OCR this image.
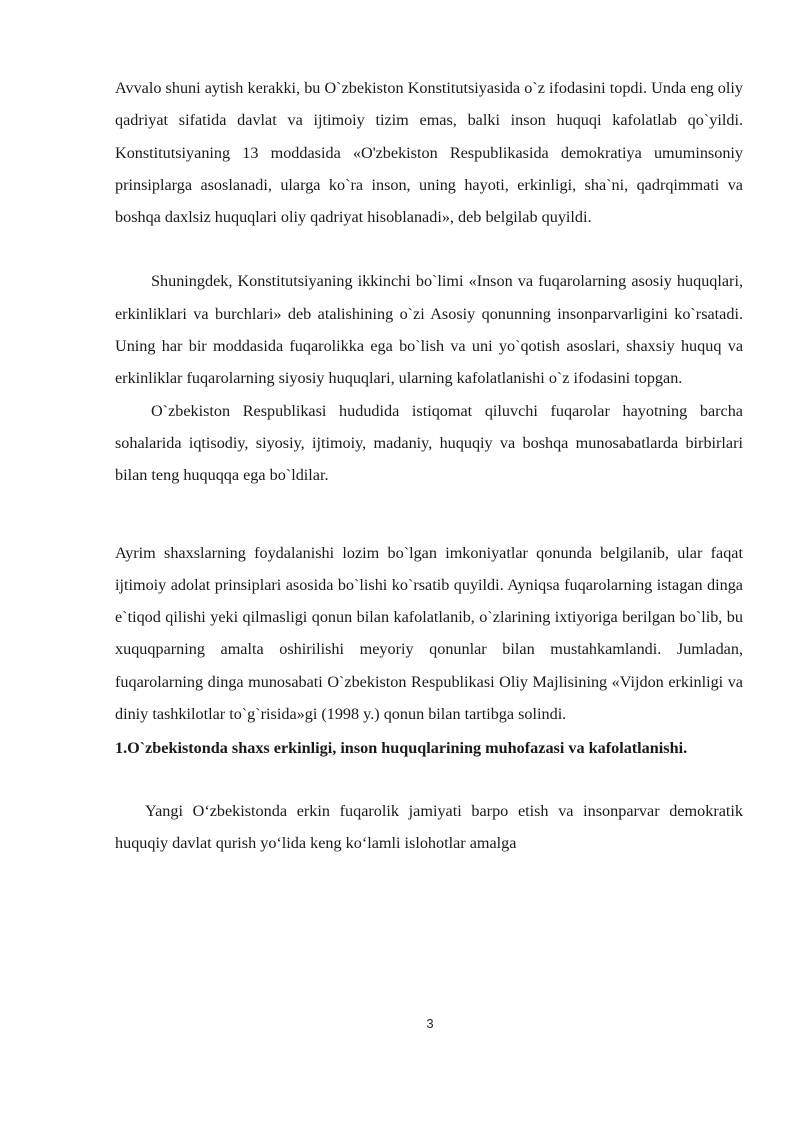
Avvalo shuni aytish kerakki, bu O`zbekiston Konstitutsiyasida o`z ifodasini topdi. Unda eng oliy qadriyat sifatida davlat va ijtimoiy tizim emas, balki inson huquqi kafolatlab qo`yildi. Konstitutsiyaning 13 moddasida «O'zbekiston Respublikasida demokratiya umuminsoniy prinsiplarga asoslanadi, ularga ko`ra inson, uning hayoti, erkinligi, sha`ni, qadrqimmati va boshqa daxlsiz huquqlari oliy qadriyat hisoblanadi», deb belgilab quyildi.

Shuningdek, Konstitutsiyaning ikkinchi bo`limi «Inson va fuqarolarning asosiy huquqlari, erkinliklari va burchlari» deb atalishining o`zi Asosiy qonunning insonparvarligini ko`rsatadi. Uning har bir moddasida fuqarolikka ega bo`lish va uni yo`qotish asoslari, shaxsiy huquq va erkinliklar fuqarolarning siyosiy huquqlari, ularning kafolatlanishi o`z ifodasini topgan.

O`zbekiston Respublikasi hududida istiqomat qiluvchi fuqarolar hayotning barcha sohalarida iqtisodiy, siyosiy, ijtimoiy, madaniy, huquqiy va boshqa munosabatlarda birbirlari bilan teng huquqqa ega bo`ldilar.

Ayrim shaxslarning foydalanishi lozim bo`lgan imkoniyatlar qonunda belgilanib, ular faqat ijtimoiy adolat prinsiplari asosida bo`lishi ko`rsatib quyildi. Ayniqsa fuqarolarning istagan dinga e`tiqod qilishi yeki qilmasligi qonun bilan kafolatlanib, o`zlarining ixtiyoriga berilgan bo`lib, bu xuquqparning amalta oshirilishi meyoriy qonunlar bilan mustahkamlandi. Jumladan, fuqarolarning dinga munosabati O`zbekiston Respublikasi Oliy Majlisining «Vijdon erkinligi va diniy tashkilotlar to`g`risida»gi (1998 y.) qonun bilan tartibga solindi.

1.O`zbekistonda shaxs erkinligi, inson huquqlarining muhofazasi va kafolatlanishi.

Yangi O‘zbekistonda erkin fuqarolik jamiyati barpo etish va insonparvar demokratik huquqiy davlat qurish yo‘lida keng ko‘lamli islohotlar amalga

3
